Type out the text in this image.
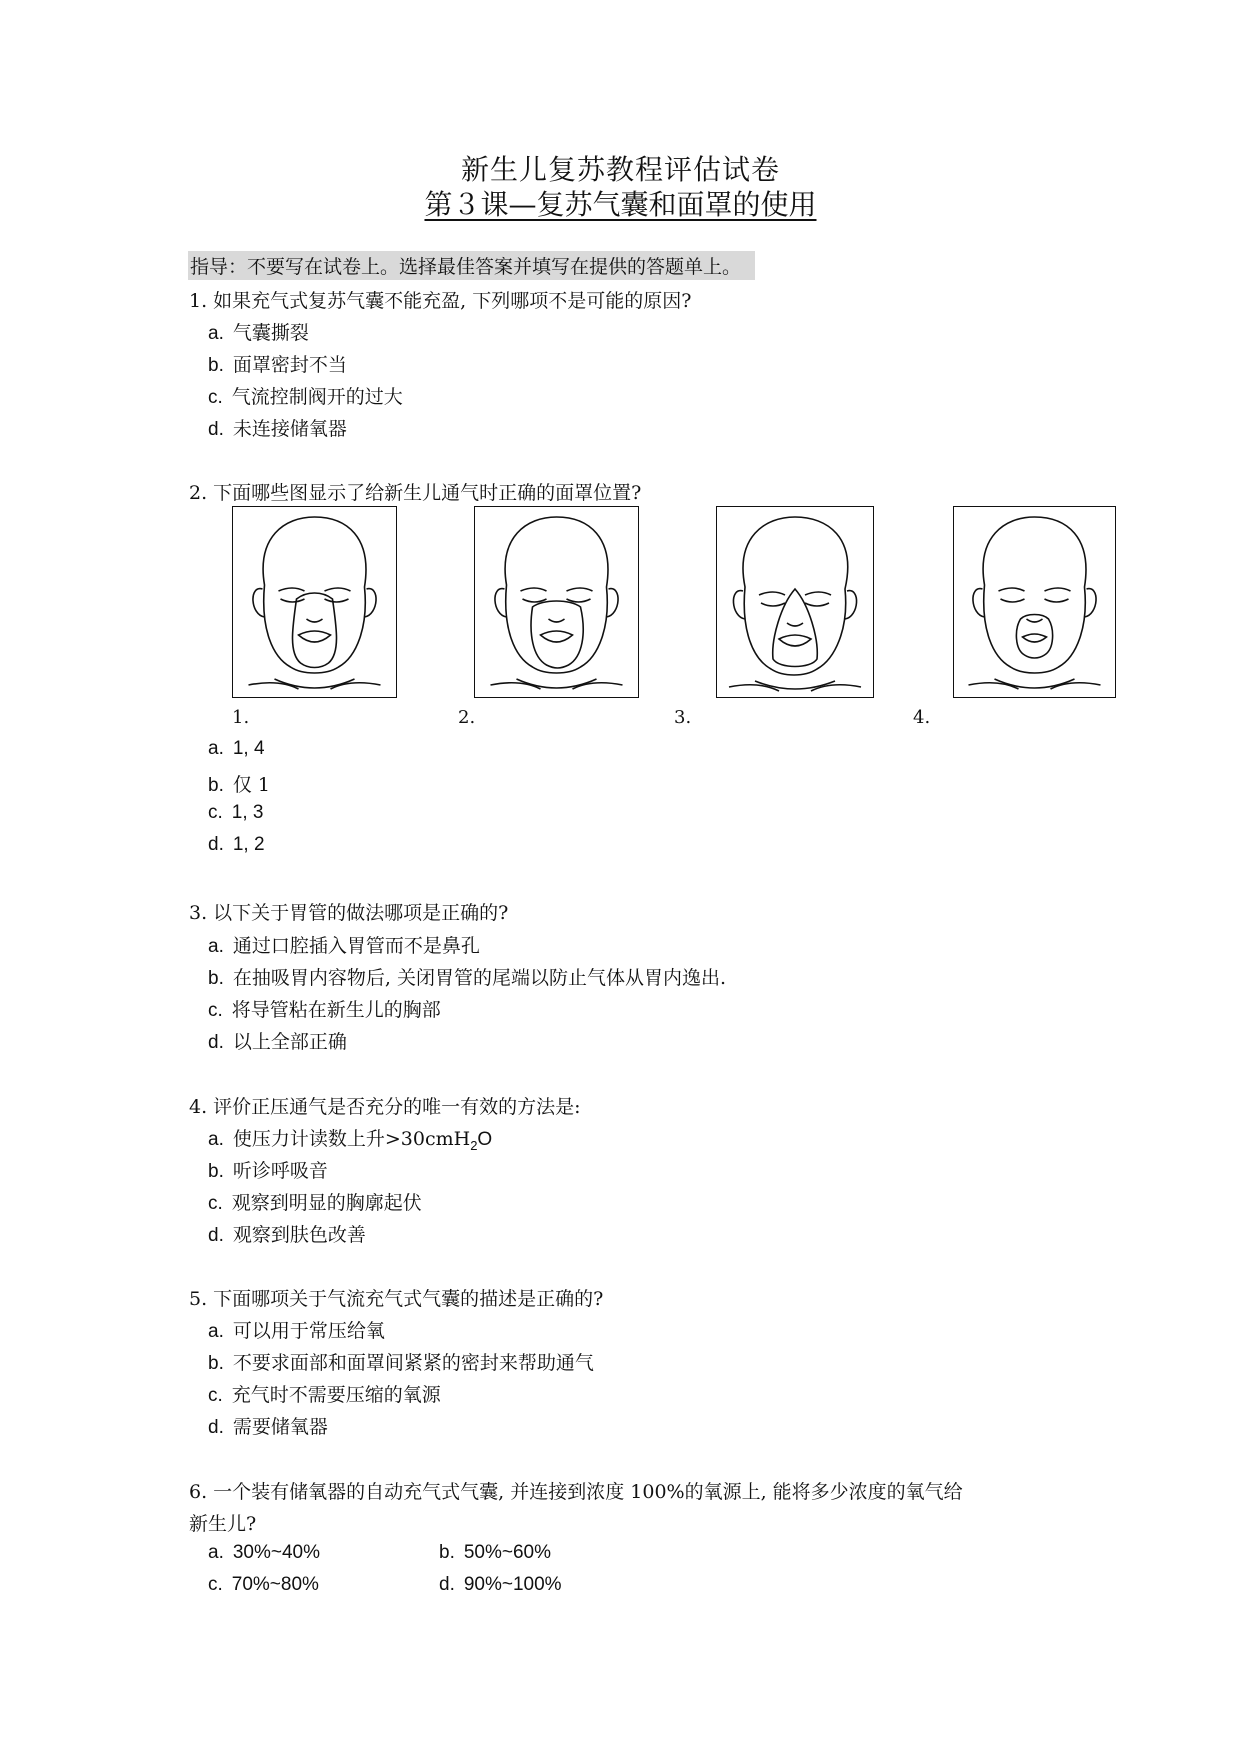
新生儿复苏教程评估试卷
第３课—复苏气囊和面罩的使用
指导：不要写在试卷上。选择最佳答案并填写在提供的答题单上。
1. 如果充气式复苏气囊不能充盈, 下列哪项不是可能的原因?
a. 气囊撕裂
b. 面罩密封不当
c. 气流控制阀开的过大
d. 未连接储氧器
2. 下面哪些图显示了给新生儿通气时正确的面罩位置?
1.	2.	3.	4.
a. 1, 4
b. 仅 1
c. 1, 3
d. 1, 2
3. 以下关于胃管的做法哪项是正确的?
a. 通过口腔插入胃管而不是鼻孔
b. 在抽吸胃内容物后, 关闭胃管的尾端以防止气体从胃内逸出.
c. 将导管粘在新生儿的胸部
d. 以上全部正确
4. 评价正压通气是否充分的唯一有效的方法是:
a. 使压力计读数上升>30cmH$_2$O
b. 听诊呼吸音
c. 观察到明显的胸廓起伏
d. 观察到肤色改善
5. 下面哪项关于气流充气式气囊的描述是正确的?
a. 可以用于常压给氧
b. 不要求面部和面罩间紧紧的密封来帮助通气
c. 充气时不需要压缩的氧源
d. 需要储氧器
6. 一个装有储氧器的自动充气式气囊, 并连接到浓度 100%的氧源上, 能将多少浓度的氧气给
新生儿?
a. 30%~40%	b. 50%~60%
c. 70%~80%	d. 90%~100%
